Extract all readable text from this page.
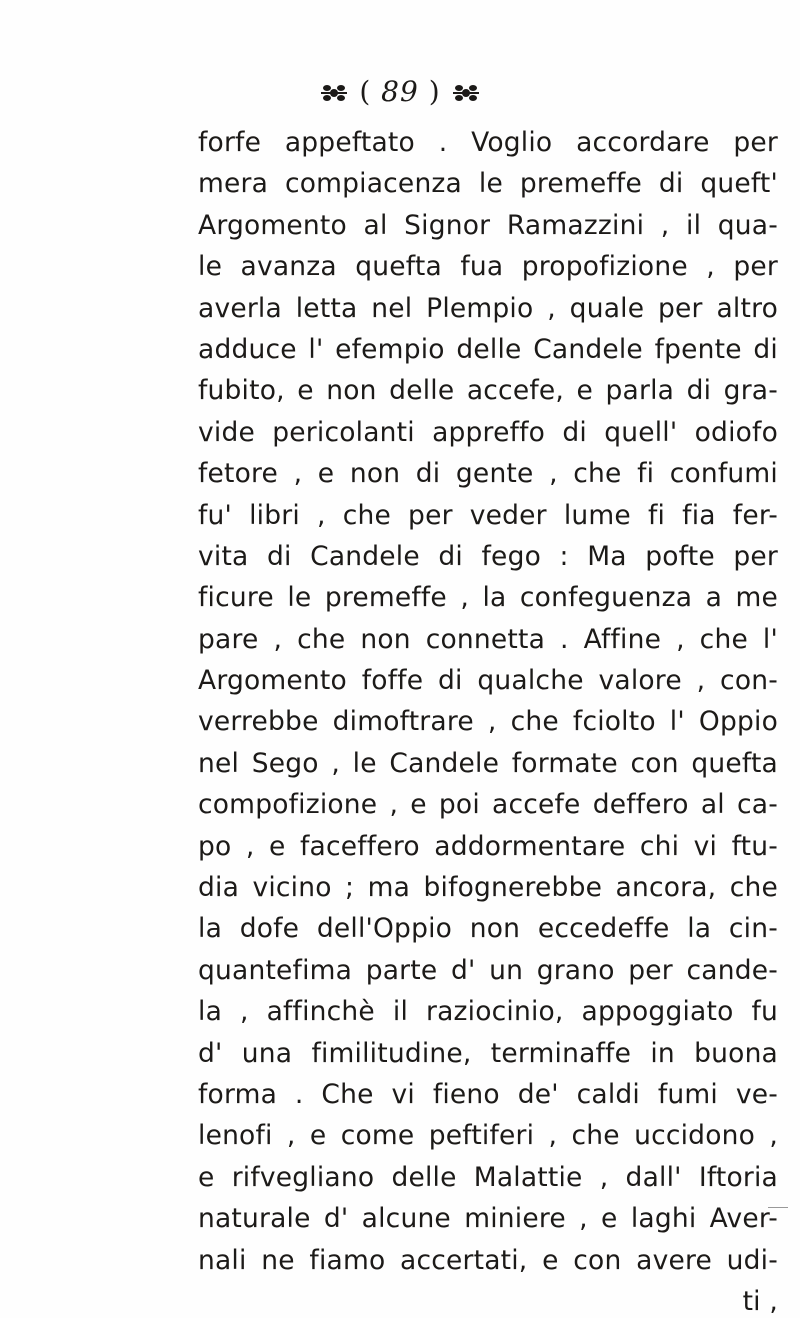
( 89 )
forfe appeftato . Voglio accordare per
mera compiacenza le premeffe di queft'
Argomento al Signor Ramazzini , il qua-
le avanza quefta fua propofizione , per
averla letta nel Plempio , quale per altro
adduce l' efempio delle Candele fpente di
fubito, e non delle accefe, e parla di gra-
vide pericolanti appreffo di quell' odiofo
fetore , e non di gente , che fi confumi
fu' libri , che per veder lume fi fia fer-
vita di Candele di fego : Ma pofte per
ficure le premeffe , la confeguenza a me
pare , che non connetta . Affine , che l'
Argomento foffe di qualche valore , con-
verrebbe dimoftrare , che fciolto l' Oppio
nel Sego , le Candele formate con quefta
compofizione , e poi accefe deffero al ca-
po , e faceffero addormentare chi vi ftu-
dia vicino ; ma bifognerebbe ancora, che
la dofe dell'Oppio non eccedeffe la cin-
quantefima parte d' un grano per cande-
la , affinchè il raziocinio, appoggiato fu
d' una fimilitudine, terminaffe in buona
forma . Che vi fieno de' caldi fumi ve-
lenofi , e come peftiferi , che uccidono ,
e rifvegliano delle Malattie , dall' Iftoria
naturale d' alcune miniere , e laghi Aver-
nali ne fiamo accertati, e con avere udi-
ti ,
